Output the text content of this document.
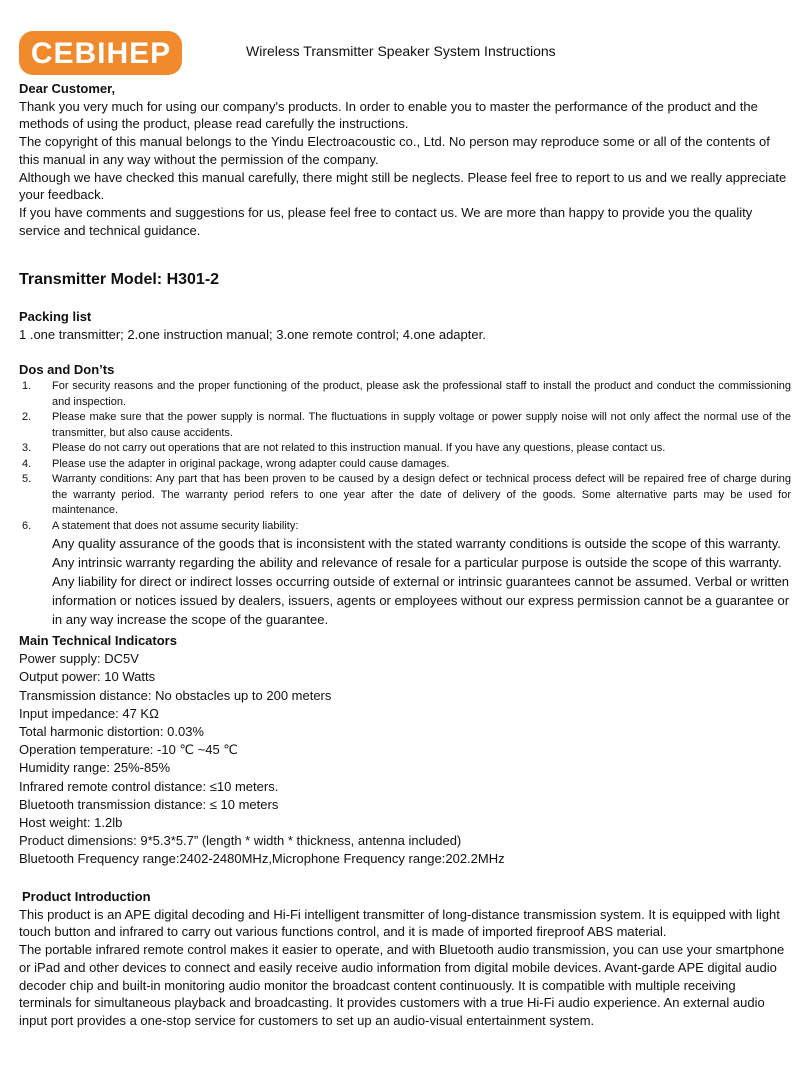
CEBIHEP	Wireless Transmitter Speaker System Instructions

Dear Customer,

Thank you very much for using our company's products. In order to enable you to master the performance of the product and the methods of using the product, please read carefully the instructions.

The copyright of this manual belongs to the Yindu Electroacoustic co., Ltd. No person may reproduce some or all of the contents of this manual in any way without the permission of the company.

Although we have checked this manual carefully, there might still be neglects. Please feel free to report to us and we really appreciate your feedback.

If you have comments and suggestions for us, please feel free to contact us. We are more than happy to provide you the quality service and technical guidance.

Transmitter Model: H301-2

Packing list

1 .one transmitter; 2.one instruction manual; 3.one remote control; 4.one adapter.

Dos and Don’ts

1. For security reasons and the proper functioning of the product, please ask the professional staff to install the product and conduct the commissioning and inspection.
2. Please make sure that the power supply is normal. The fluctuations in supply voltage or power supply noise will not only affect the normal use of the transmitter, but also cause accidents.
3. Please do not carry out operations that are not related to this instruction manual. If you have any questions, please contact us.
4. Please use the adapter in original package, wrong adapter could cause damages.
5. Warranty conditions: Any part that has been proven to be caused by a design defect or technical process defect will be repaired free of charge during the warranty period. The warranty period refers to one year after the date of delivery of the goods. Some alternative parts may be used for maintenance.
6. A statement that does not assume security liability:

Any quality assurance of the goods that is inconsistent with the stated warranty conditions is outside the scope of this warranty. Any intrinsic warranty regarding the ability and relevance of resale for a particular purpose is outside the scope of this warranty. Any liability for direct or indirect losses occurring outside of external or intrinsic guarantees cannot be assumed. Verbal or written information or notices issued by dealers, issuers, agents or employees without our express permission cannot be a guarantee or in any way increase the scope of the guarantee.

Main Technical Indicators

Power supply: DC5V

Output power: 10 Watts

Transmission distance: No obstacles up to 200 meters

Input impedance: 47 KΩ

Total harmonic distortion: 0.03%

Operation temperature: -10 ℃ ~45 ℃

Humidity range: 25%-85%

Infrared remote control distance: ≤10 meters.

Bluetooth transmission distance: ≤ 10 meters

Host weight: 1.2lb

Product dimensions: 9*5.3*5.7” (length * width * thickness, antenna included)

Bluetooth Frequency range:2402-2480MHz,Microphone Frequency range:202.2MHz

Product Introduction

This product is an APE digital decoding and Hi-Fi intelligent transmitter of long-distance transmission system. It is equipped with light touch button and infrared to carry out various functions control, and it is made of imported fireproof ABS material.

The portable infrared remote control makes it easier to operate, and with Bluetooth audio transmission, you can use your smartphone or iPad and other devices to connect and easily receive audio information from digital mobile devices. Avant-garde APE digital audio decoder chip and built-in monitoring audio monitor the broadcast content continuously. It is compatible with multiple receiving terminals for simultaneous playback and broadcasting. It provides customers with a true Hi-Fi audio experience. An external audio input port provides a one-stop service for customers to set up an audio-visual entertainment system.
